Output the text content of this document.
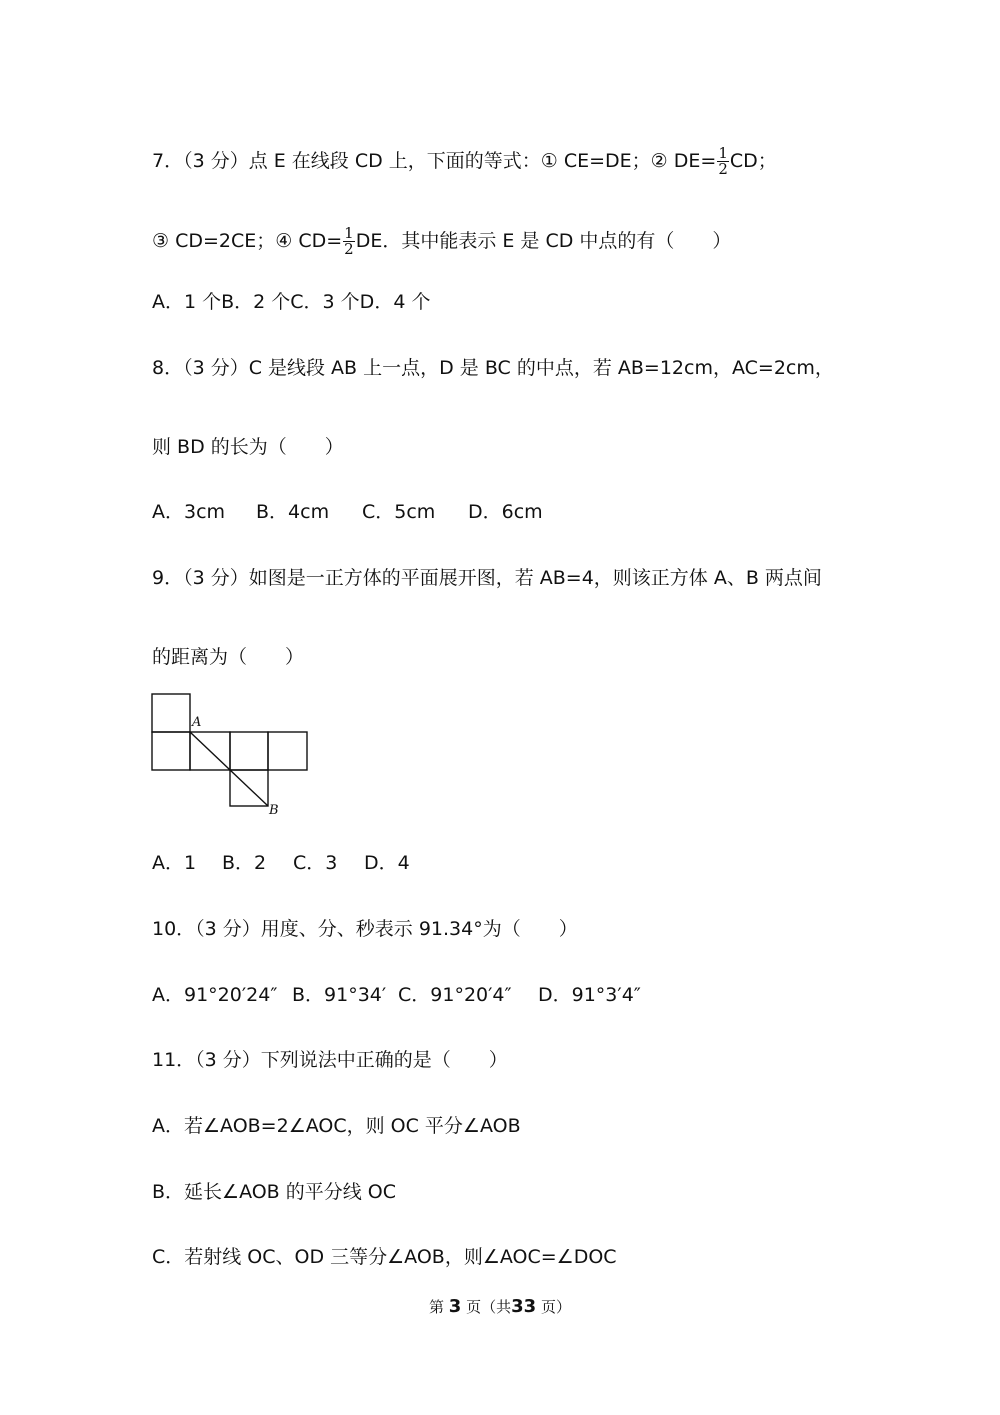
7．（3 分）点 E 在线段 CD 上，下面的等式：① CE=DE；② $DE= \frac{1}{2}$ CD；
③ CD=2CE；④ $CD= \frac{1}{2}$ DE．其中能表示 E 是 CD 中点的有（　　）
A．1 个B．2 个C．3 个D．4 个
8．（3 分）C 是线段 AB 上一点，D 是 BC 的中点，若 AB=12cm，AC=2cm，
则 BD 的长为（　　）
A．3cm B．4cm C．5cm D．6cm
9．（3 分）如图是一正方体的平面展开图，若 AB=4，则该正方体 A、B 两点间
的距离为（　　）
A
B
A．1 B．2 C．3 D．4
10．（3 分）用度、分、秒表示 91.34°为（　　）
A．91°20′24″ B．91°34′ C．91°20′4″ D．91°3′4″
11．（3 分）下列说法中正确的是（　　）
A．若∠AOB=2∠AOC，则 OC 平分∠AOB
B．延长∠AOB 的平分线 OC
C．若射线 OC、OD 三等分∠AOB，则∠AOC=∠DOC
第 3 页（共33 页）
